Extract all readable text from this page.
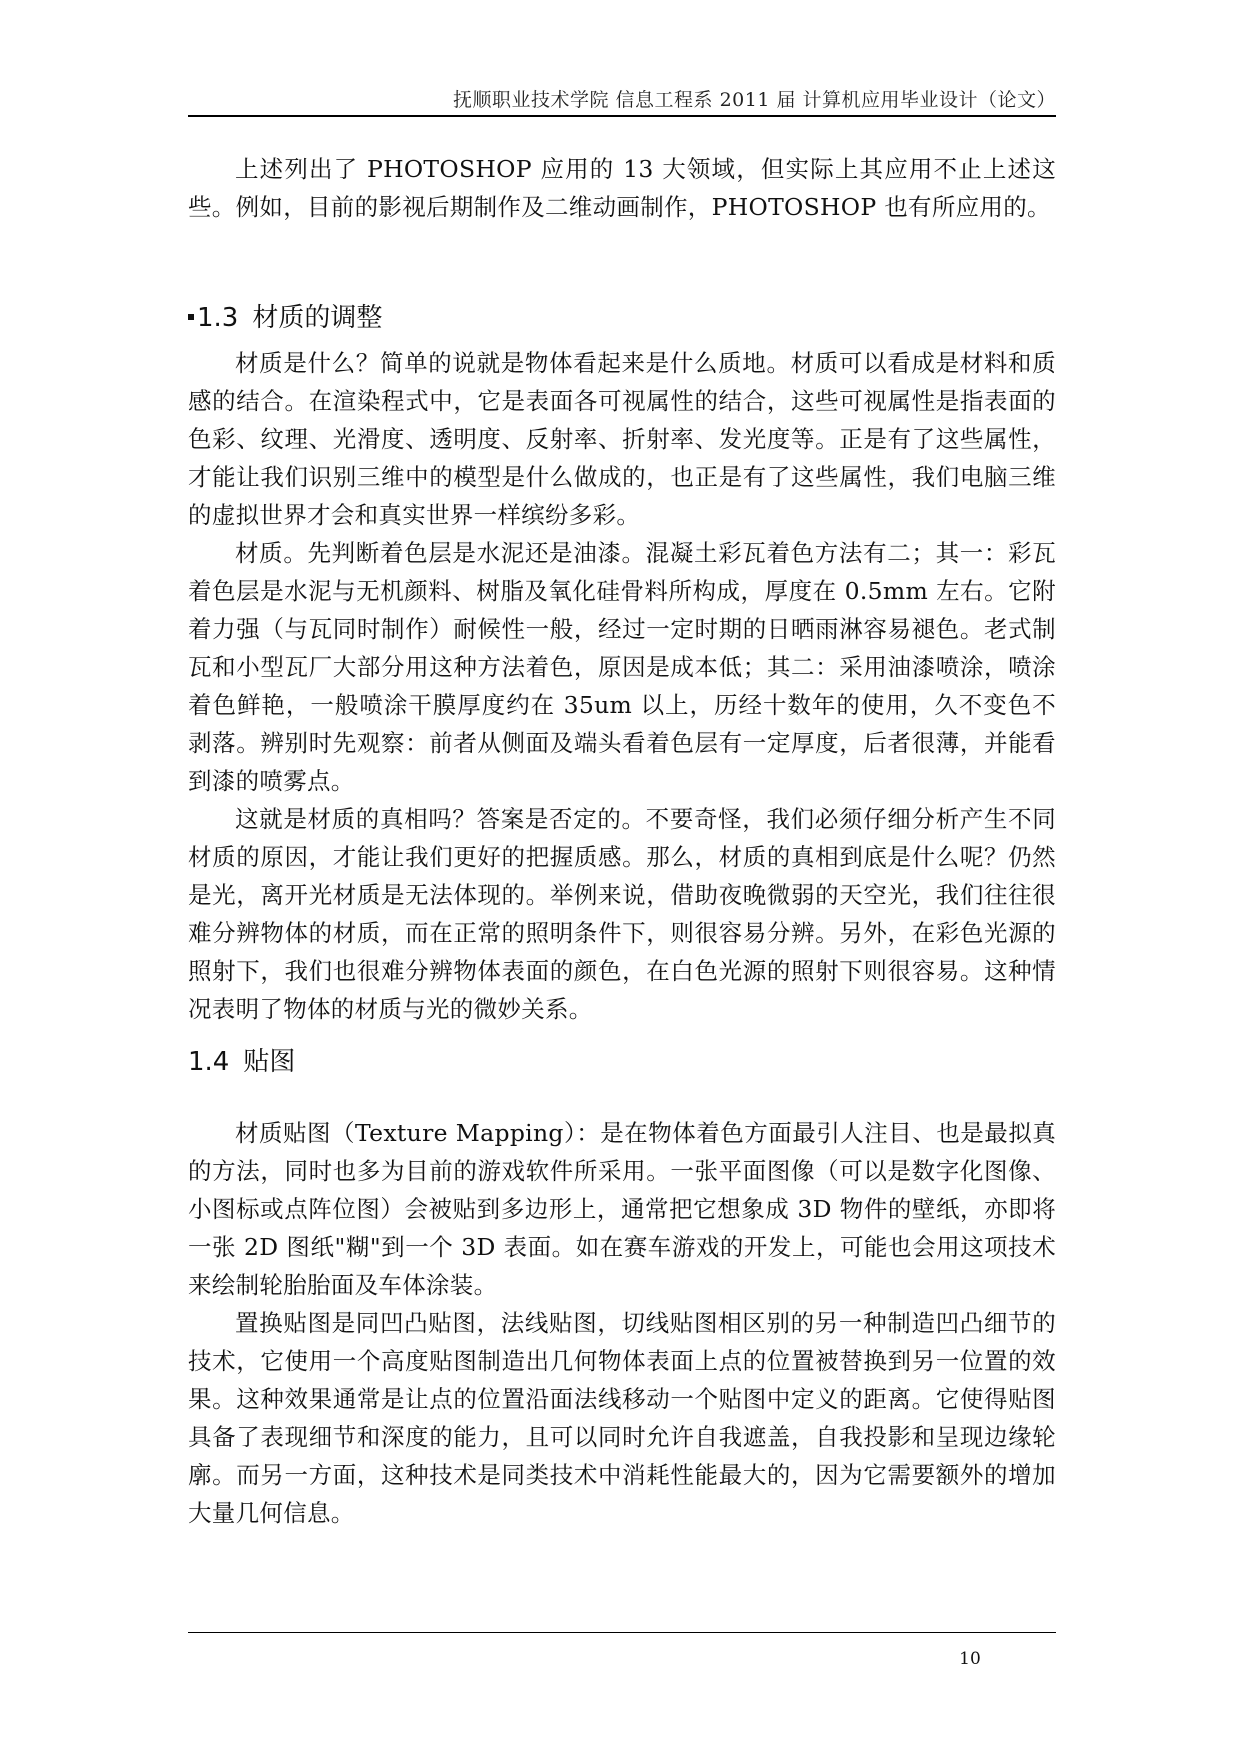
抚顺职业技术学院 信息工程系 2011 届 计算机应用毕业设计（论文）

上述列出了 PHOTOSHOP 应用的 13 大领域，但实际上其应用不止上述这些。例如，目前的影视后期制作及二维动画制作，PHOTOSHOP 也有所应用的。

1.3 材质的调整

材质是什么？简单的说就是物体看起来是什么质地。材质可以看成是材料和质感的结合。在渲染程式中，它是表面各可视属性的结合，这些可视属性是指表面的色彩、纹理、光滑度、透明度、反射率、折射率、发光度等。正是有了这些属性，才能让我们识别三维中的模型是什么做成的，也正是有了这些属性，我们电脑三维的虚拟世界才会和真实世界一样缤纷多彩。

材质。先判断着色层是水泥还是油漆。混凝土彩瓦着色方法有二；其一：彩瓦着色层是水泥与无机颜料、树脂及氧化硅骨料所构成，厚度在 0.5mm 左右。它附着力强（与瓦同时制作）耐候性一般，经过一定时期的日晒雨淋容易褪色。老式制瓦和小型瓦厂大部分用这种方法着色，原因是成本低；其二：采用油漆喷涂，喷涂着色鲜艳，一般喷涂干膜厚度约在 35um 以上，历经十数年的使用，久不变色不剥落。辨别时先观察：前者从侧面及端头看着色层有一定厚度，后者很薄，并能看到漆的喷雾点。

这就是材质的真相吗？答案是否定的。不要奇怪，我们必须仔细分析产生不同材质的原因，才能让我们更好的把握质感。那么，材质的真相到底是什么呢？仍然是光，离开光材质是无法体现的。举例来说，借助夜晚微弱的天空光，我们往往很难分辨物体的材质，而在正常的照明条件下，则很容易分辨。另外，在彩色光源的照射下，我们也很难分辨物体表面的颜色，在白色光源的照射下则很容易。这种情况表明了物体的材质与光的微妙关系。

1.4 贴图

材质贴图（Texture Mapping）：是在物体着色方面最引人注目、也是最拟真的方法，同时也多为目前的游戏软件所采用。一张平面图像（可以是数字化图像、小图标或点阵位图）会被贴到多边形上，通常把它想象成 3D 物件的壁纸，亦即将一张 2D 图纸"糊"到一个 3D 表面。如在赛车游戏的开发上，可能也会用这项技术来绘制轮胎胎面及车体涂装。

置换贴图是同凹凸贴图，法线贴图，切线贴图相区别的另一种制造凹凸细节的技术，它使用一个高度贴图制造出几何物体表面上点的位置被替换到另一位置的效果。这种效果通常是让点的位置沿面法线移动一个贴图中定义的距离。它使得贴图具备了表现细节和深度的能力，且可以同时允许自我遮盖，自我投影和呈现边缘轮廓。而另一方面，这种技术是同类技术中消耗性能最大的，因为它需要额外的增加大量几何信息。

10
